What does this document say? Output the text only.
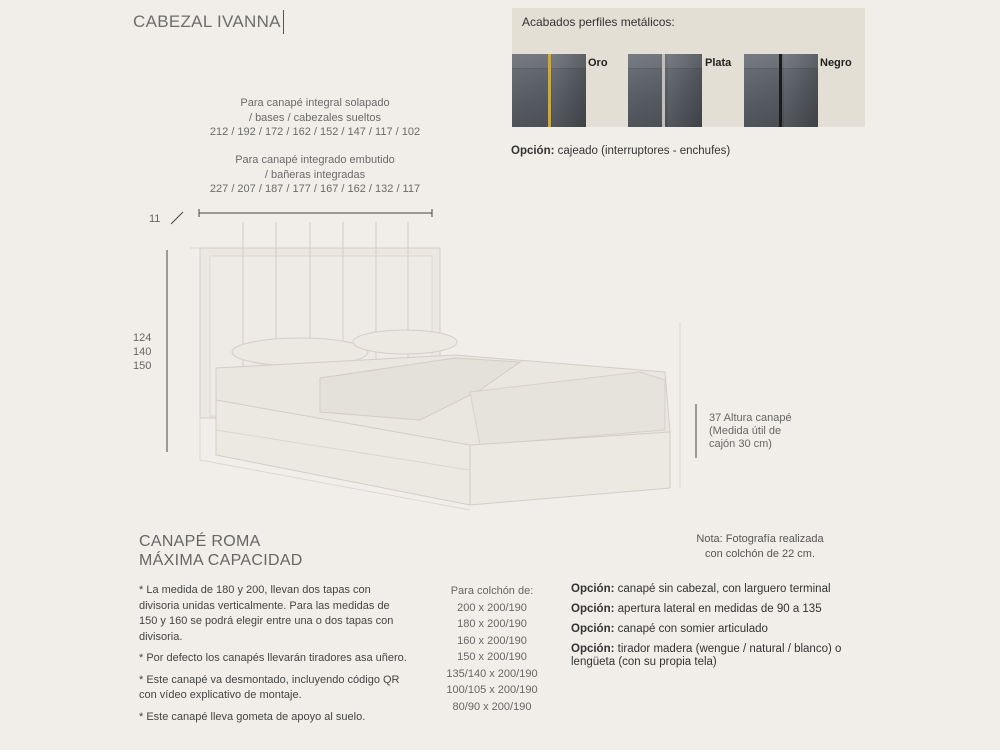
CABEZAL IVANNA	Acabados perfiles metálicos:
Oro	Plata	Negro
Opción: cajeado (interruptores - enchufes)
Para canapé integral solapado
/ bases / cabezales sueltos
212 / 192 / 172 / 162 / 152 / 147 / 117 / 102
Para canapé integrado embutido
/ bañeras integradas
227 / 207 / 187 / 177 / 167 / 162 / 132 / 117
11
124
140
150
37 Altura canapé
(Medida útil de
cajón 30 cm)
CANAPÉ ROMA
MÁXIMA CAPACIDAD
Nota: Fotografía realizada
con colchón de 22 cm.

* La medida de 180 y 200, llevan dos tapas con divisoria unidas verticalmente. Para las medidas de 150 y 160 se podrá elegir entre una o dos tapas con divisoria.

* Por defecto los canapés llevarán tiradores asa uñero.

* Este canapé va desmontado, incluyendo código QR con vídeo explicativo de montaje.

* Este canapé lleva gometa de apoyo al suelo.

Para colchón de:
200 x 200/190
180 x 200/190
160 x 200/190
150 x 200/190
135/140 x 200/190
100/105 x 200/190
80/90 x 200/190
Opción: canapé sin cabezal, con larguero terminal
Opción: apertura lateral en medidas de 90 a 135
Opción: canapé con somier articulado
Opción: tirador madera (wengue / natural / blanco) o lengüeta (con su propia tela)
